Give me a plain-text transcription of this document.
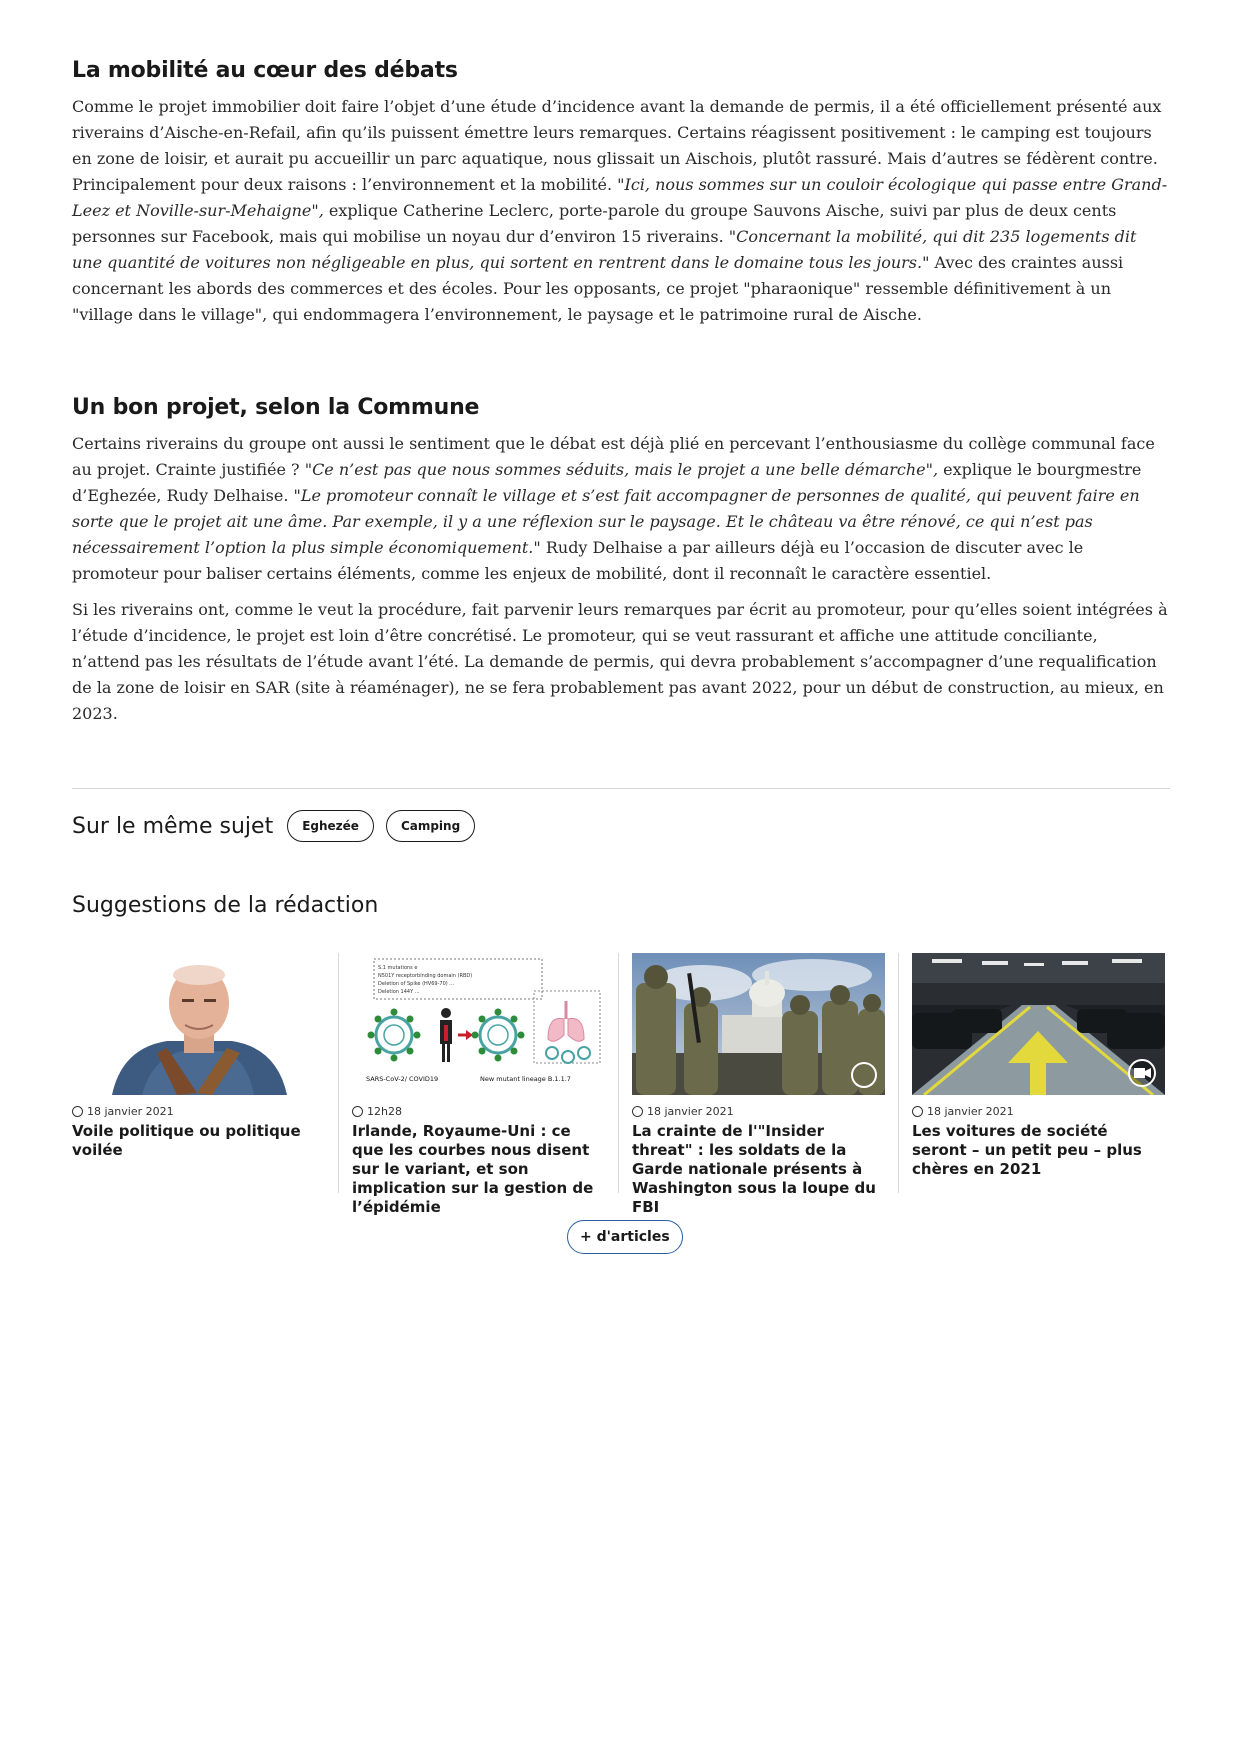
La mobilité au cœur des débats

Comme le projet immobilier doit faire l’objet d’une étude d’incidence avant la demande de permis, il a été officiellement présenté aux riverains d’Aische-en-Refail, afin qu’ils puissent émettre leurs remarques. Certains réagissent positivement : le camping est toujours en zone de loisir, et aurait pu accueillir un parc aquatique, nous glissait un Aischois, plutôt rassuré. Mais d’autres se fédèrent contre. Principalement pour deux raisons : l’environnement et la mobilité. "Ici, nous sommes sur un couloir écologique qui passe entre Grand-Leez et Noville-sur-Mehaigne", explique Catherine Leclerc, porte-parole du groupe Sauvons Aische, suivi par plus de deux cents personnes sur Facebook, mais qui mobilise un noyau dur d’environ 15 riverains. "Concernant la mobilité, qui dit 235 logements dit une quantité de voitures non négligeable en plus, qui sortent en rentrent dans le domaine tous les jours." Avec des craintes aussi concernant les abords des commerces et des écoles. Pour les opposants, ce projet "pharaonique" ressemble définitivement à un "village dans le village", qui endommagera l’environnement, le paysage et le patrimoine rural de Aische.

Un bon projet, selon la Commune

Certains riverains du groupe ont aussi le sentiment que le débat est déjà plié en percevant l’enthousiasme du collège communal face au projet. Crainte justifiée ? "Ce n’est pas que nous sommes séduits, mais le projet a une belle démarche", explique le bourgmestre d’Eghezée, Rudy Delhaise. "Le promoteur connaît le village et s’est fait accompagner de personnes de qualité, qui peuvent faire en sorte que le projet ait une âme. Par exemple, il y a une réflexion sur le paysage. Et le château va être rénové, ce qui n’est pas nécessairement l’option la plus simple économiquement." Rudy Delhaise a par ailleurs déjà eu l’occasion de discuter avec le promoteur pour baliser certains éléments, comme les enjeux de mobilité, dont il reconnaît le caractère essentiel.

Si les riverains ont, comme le veut la procédure, fait parvenir leurs remarques par écrit au promoteur, pour qu’elles soient intégrées à l’étude d’incidence, le projet est loin d’être concrétisé. Le promoteur, qui se veut rassurant et affiche une attitude conciliante, n’attend pas les résultats de l’étude avant l’été. La demande de permis, qui devra probablement s’accompagner d’une requalification de la zone de loisir en SAR (site à réaménager), ne se fera probablement pas avant 2022, pour un début de construction, au mieux, en 2023.

Sur le même sujet	Eghezée	Camping
Suggestions de la rédaction
18 janvier 2021
Voile politique ou politique voilée
S.1 mutations e
N501Y receptorbinding domain (RBD)
Deletion of Spike (HV69-70) ...
Deletion 144Y ...
SARS-CoV-2/ COVID19	New mutant lineage B.1.1.7
12h28
Irlande, Royaume-Uni : ce que les courbes nous disent sur le variant, et son implication sur la gestion de l’épidémie
18 janvier 2021
La crainte de l'"Insider threat" : les soldats de la Garde nationale présents à Washington sous la loupe du FBI
18 janvier 2021
Les voitures de société seront – un petit peu – plus chères en 2021
+ d'articles
